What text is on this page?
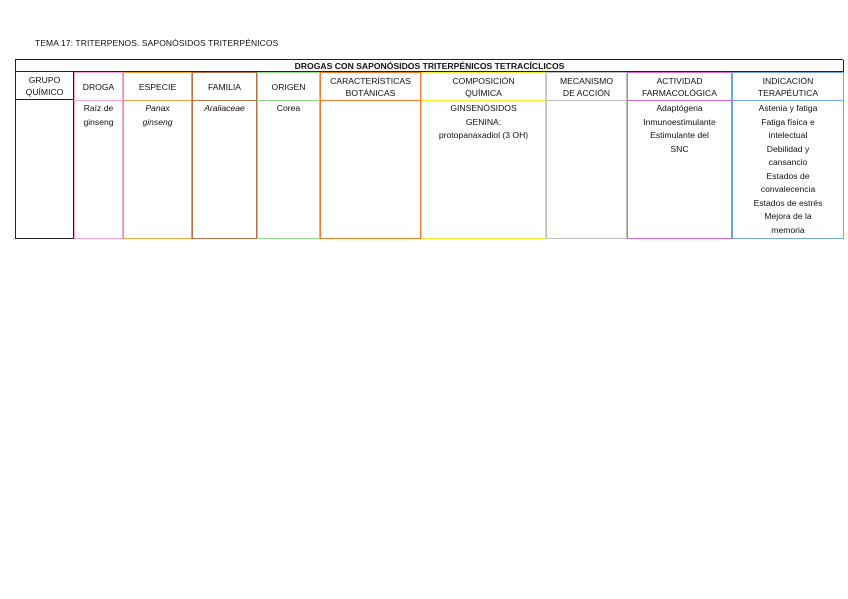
TEMA 17: TRITERPENOS. SAPONÓSIDOS TRITERPÉNICOS
DROGAS CON SAPONÓSIDOS TRITERPÉNICOS TETRACÍCLICOS
GRUPO
QUÍMICO DROGA
Raíz de
ginseng
ESPECIE
Panax
ginseng
FAMILIA
Araliaceae
ORIGEN
Corea
CARACTERÍSTICAS
BOTÁNICAS
COMPOSICIÓN
QUÍMICA
GINSENÓSIDOS
GENINA:
protopanaxadiol (3 OH)
MECANISMO
DE ACCIÓN
ACTIVIDAD
FARMACOLÓGICA
Adaptógena
Inmunoestimulante
Estimulante del
SNC
INDICACIÓN
TERAPÉUTICA
Astenia y fatiga
Fatiga física e
intelectual
Debilidad y
cansancio
Estados de
convalecencia
Estados de estrés
Mejora de la
memoria
